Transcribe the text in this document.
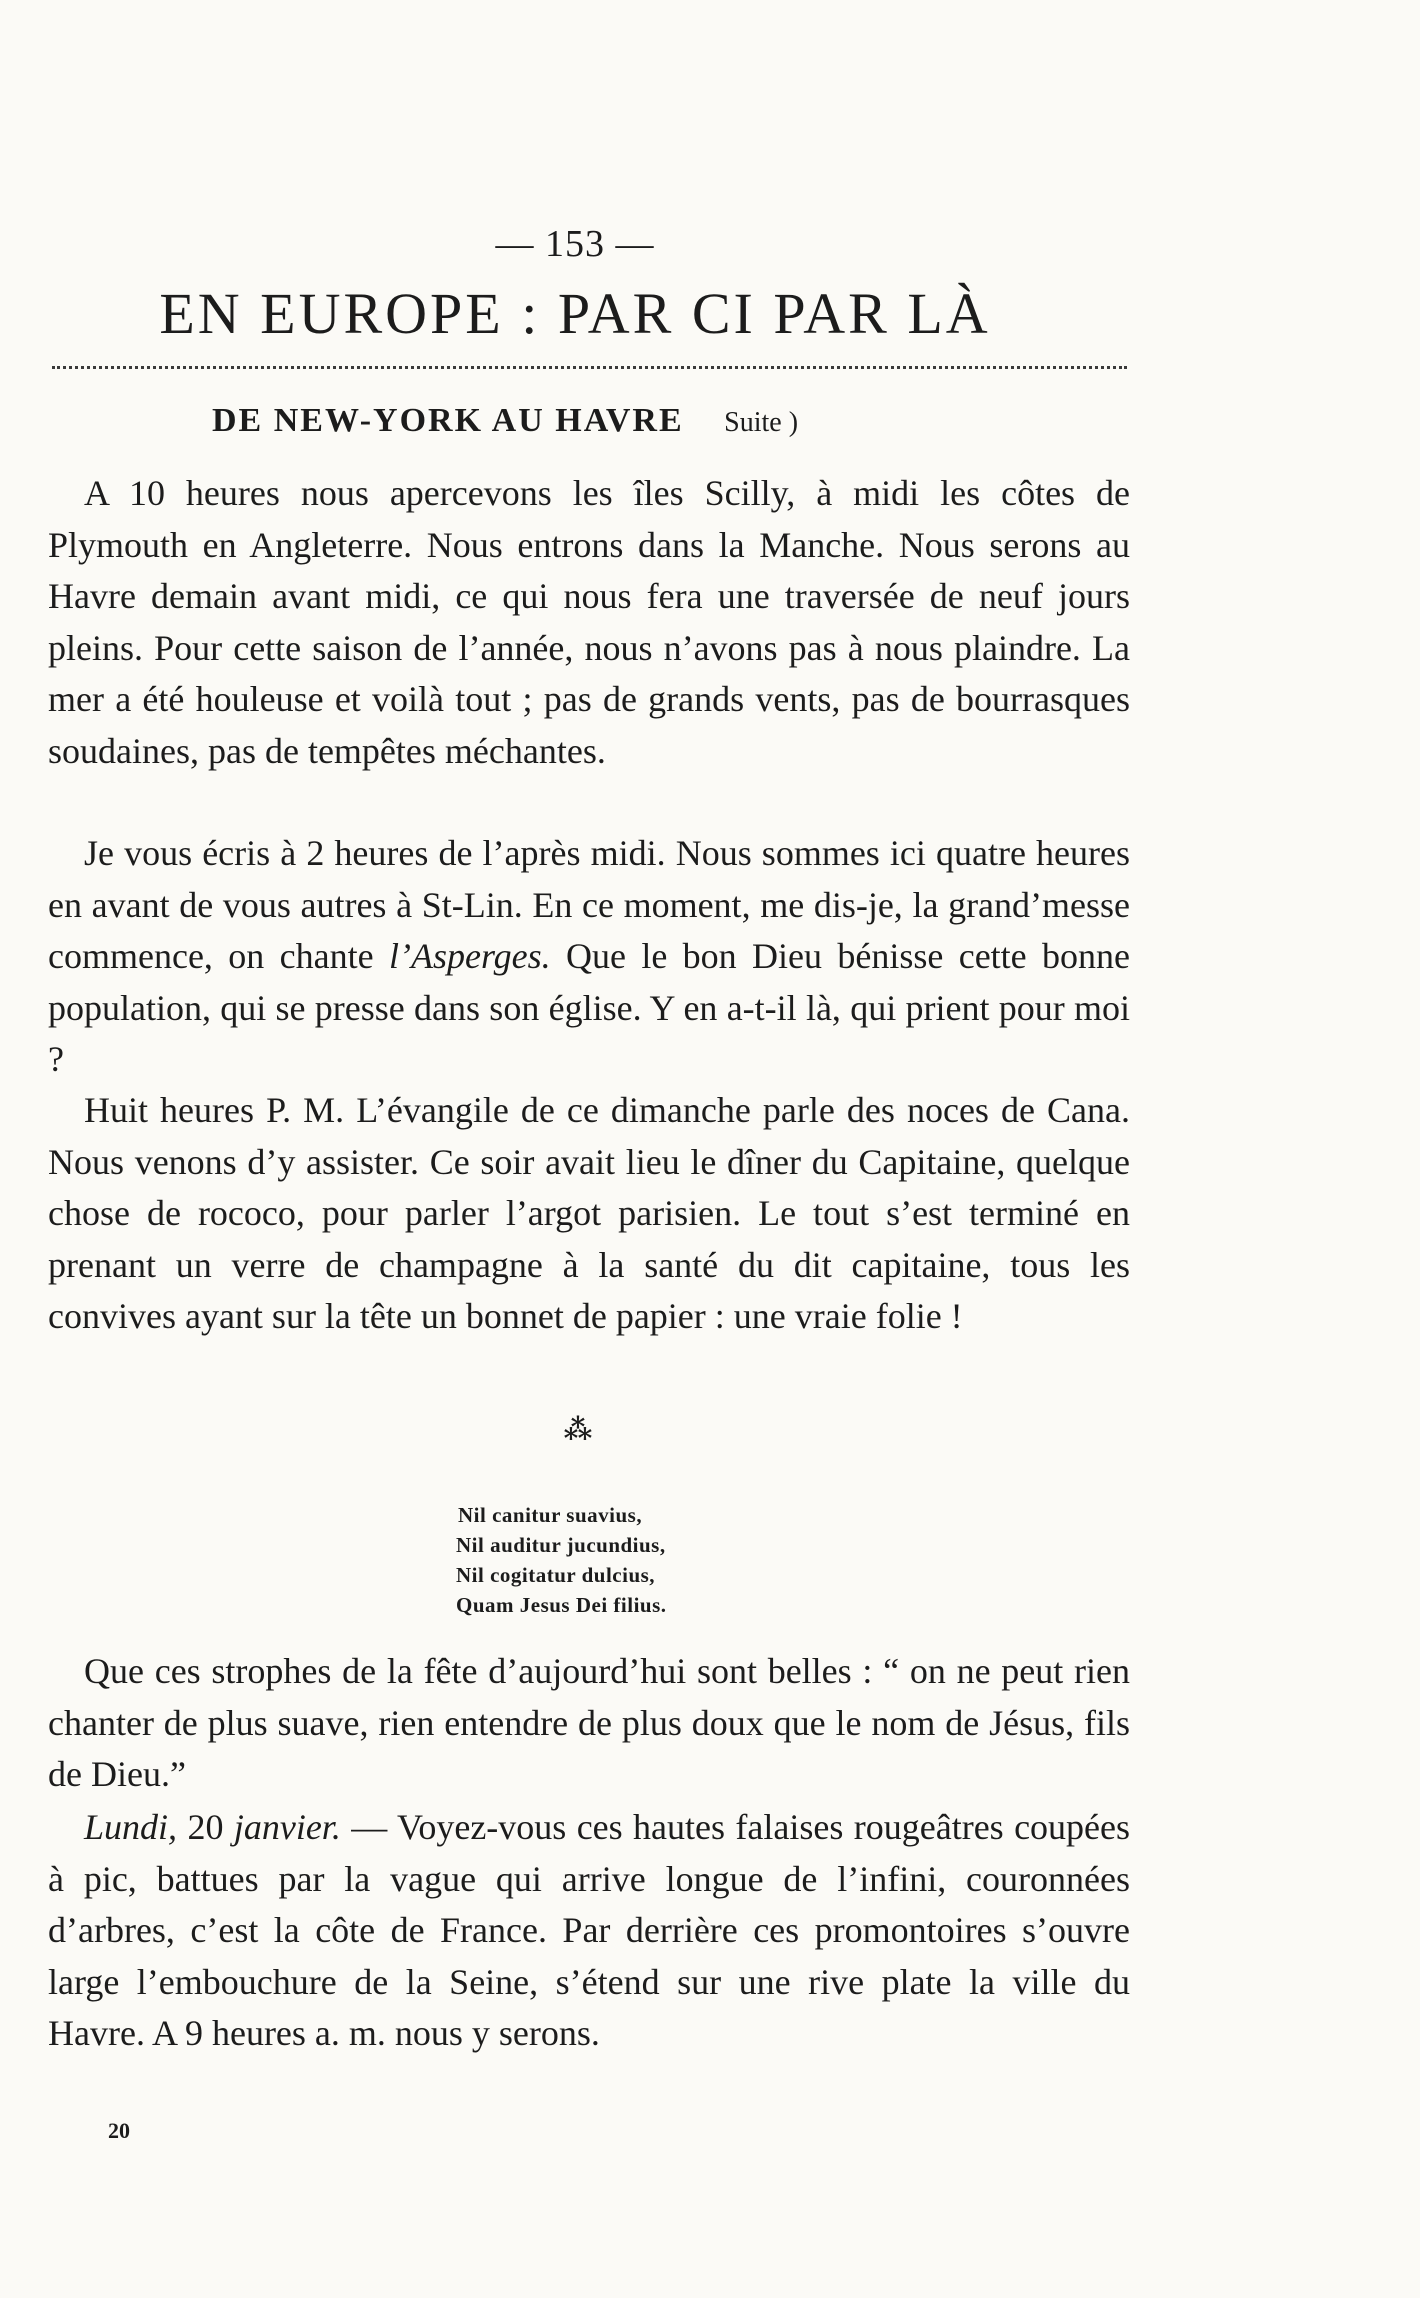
— 153 —
EN EUROPE : PAR CI PAR LÀ
DE NEW-YORK AU HAVRE Suite )

A 10 heures nous apercevons les îles Scilly, à midi les côtes de Plymouth en Angleterre. Nous entrons dans la Manche. Nous serons au Havre demain avant midi, ce qui nous fera une traversée de neuf jours pleins. Pour cette saison de l’année, nous n’avons pas à nous plaindre. La mer a été houleuse et voilà tout ; pas de grands vents, pas de bourrasques soudaines, pas de tempêtes méchantes.

Je vous écris à 2 heures de l’après midi. Nous sommes ici quatre heures en avant de vous autres à St-Lin. En ce moment, me dis-je, la grand’messe commence, on chante l’Asperges. Que le bon Dieu bénisse cette bonne population, qui se presse dans son église. Y en a-t-il là, qui prient pour moi ?

Huit heures P. M. L’évangile de ce dimanche parle des noces de Cana. Nous venons d’y assister. Ce soir avait lieu le dîner du Capitaine, quelque chose de rococo, pour parler l’argot parisien. Le tout s’est terminé en prenant un verre de champagne à la santé du dit capitaine, tous les convives ayant sur la tête un bonnet de papier : une vraie folie !

⁂
Nil canitur suavius,
Nil auditur jucundius,
Nil cogitatur dulcius,
Quam Jesus Dei filius.

Que ces strophes de la fête d’aujourd’hui sont belles : “ on ne peut rien chanter de plus suave, rien entendre de plus doux que le nom de Jésus, fils de Dieu.”

Lundi, 20 janvier. — Voyez-vous ces hautes falaises rougeâtres coupées à pic, battues par la vague qui arrive longue de l’infini, couronnées d’arbres, c’est la côte de France. Par derrière ces promontoires s’ouvre large l’embouchure de la Seine, s’étend sur une rive plate la ville du Havre. A 9 heures a. m. nous y serons.

20
